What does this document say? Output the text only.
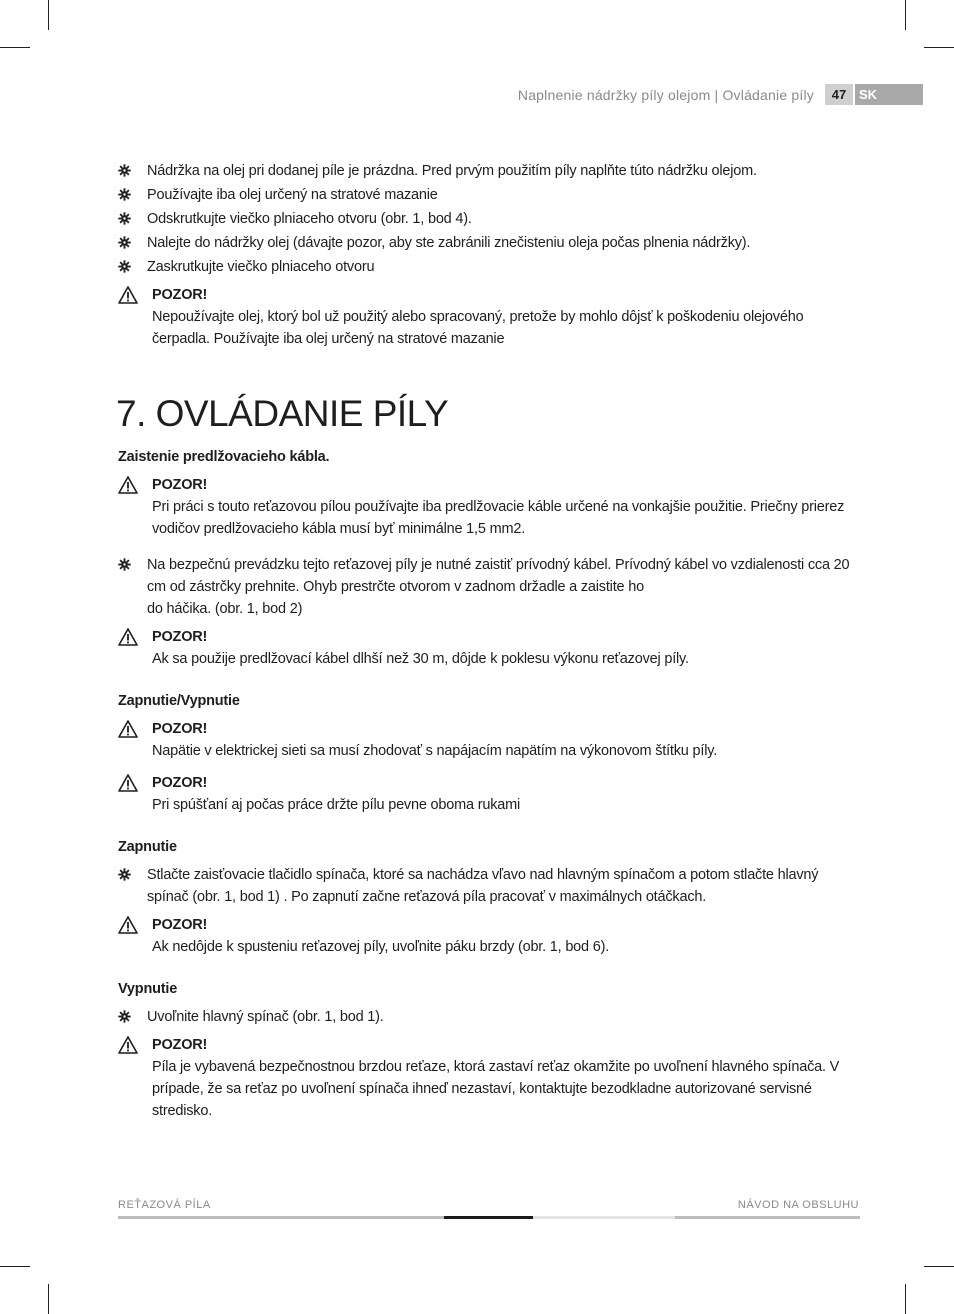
Naplnenie nádržky píly olejom | Ovládanie píly	47 SK
Nádržka na olej pri dodanej píle je prázdna. Pred prvým použitím píly naplňte túto nádržku olejom.
Používajte iba olej určený na stratové mazanie
Odskrutkujte viečko plniaceho otvoru (obr. 1, bod 4).
Nalejte do nádržky olej (dávajte pozor, aby ste zabránili znečisteniu oleja počas plnenia nádržky).
Zaskrutkujte viečko plniaceho otvoru
POZOR!
Nepoužívajte olej, ktorý bol už použitý alebo spracovaný, pretože by mohlo dôjsť k poškodeniu olejového čerpadla. Používajte iba olej určený na stratové mazanie
7. OVLÁDANIE PÍLY
Zaistenie predlžovacieho kábla.
POZOR!
Pri práci s touto reťazovou pílou používajte iba predlžovacie káble určené na vonkajšie použitie. Priečny prierez vodičov predlžovacieho kábla musí byť minimálne 1,5 mm2.
Na bezpečnú prevádzku tejto reťazovej píly je nutné zaistiť prívodný kábel. Prívodný kábel vo vzdialenosti cca 20 cm od zástrčky prehnite. Ohyb prestrčte otvorom v zadnom držadle a zaistite ho
do háčika. (obr. 1, bod 2)
POZOR!
Ak sa použije predlžovací kábel dlhší než 30 m, dôjde k poklesu výkonu reťazovej píly.
Zapnutie/Vypnutie
POZOR!
Napätie v elektrickej sieti sa musí zhodovať s napájacím napätím na výkonovom štítku píly.
POZOR!
Pri spúšťaní aj počas práce držte pílu pevne oboma rukami
Zapnutie
Stlačte zaisťovacie tlačidlo spínača, ktoré sa nachádza vľavo nad hlavným spínačom a potom stlačte hlavný spínač (obr. 1, bod 1) . Po zapnutí začne reťazová píla pracovať v maximálnych otáčkach.
POZOR!
Ak nedôjde k spusteniu reťazovej píly, uvoľnite páku brzdy (obr. 1, bod 6).
Vypnutie
Uvoľnite hlavný spínač (obr. 1, bod 1).
POZOR!
Píla je vybavená bezpečnostnou brzdou reťaze, ktorá zastaví reťaz okamžite po uvoľnení hlavného spínača. V prípade, že sa reťaz po uvoľnení spínača ihneď nezastaví, kontaktujte bezodkladne autorizované servisné stredisko.
REŤAZOVÁ PÍLA	NÁVOD NA OBSLUHU
